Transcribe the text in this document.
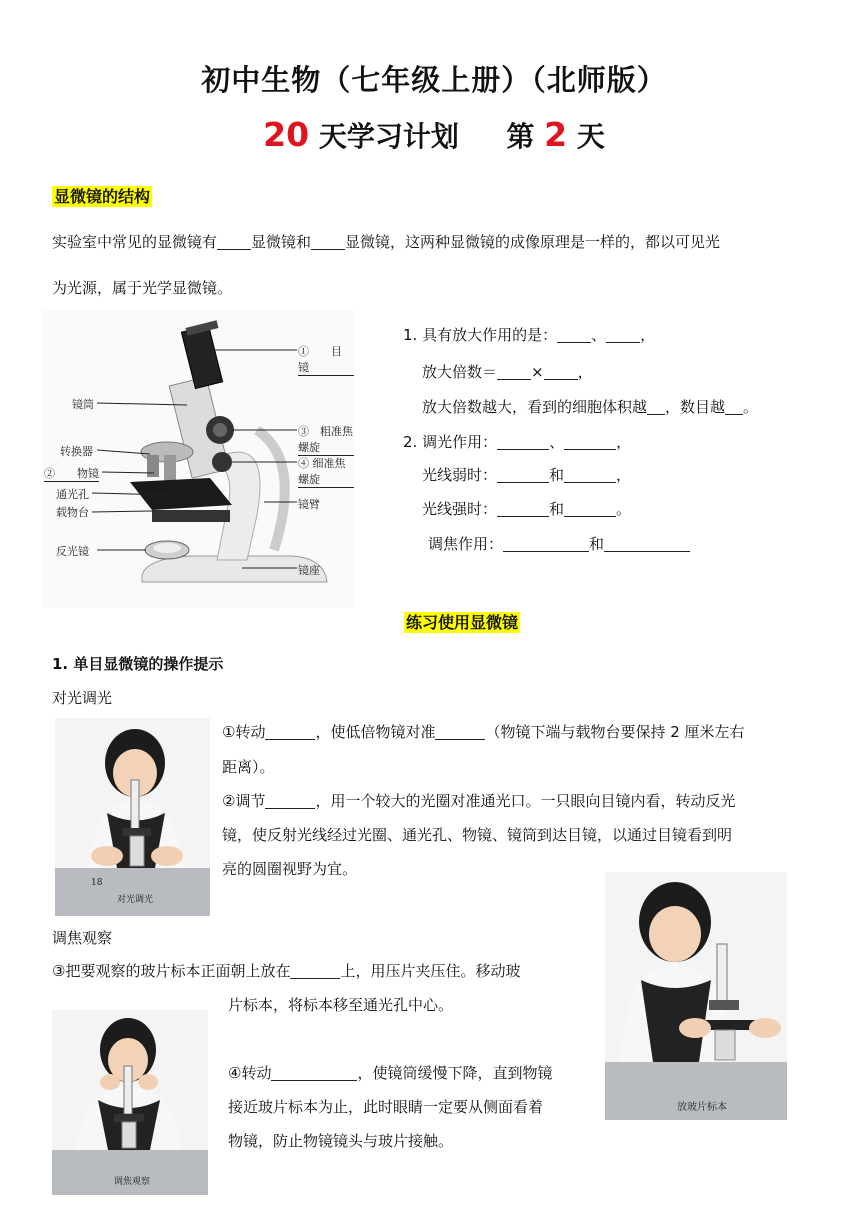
初中生物（七年级上册）（北师版）
20 天学习计划 第 2 天
显微镜的结构
实验室中常见的显微镜有 显微镜和 显微镜，这两种显微镜的成像原理是一样的，都以可见光
为光源，属于光学显微镜。
①　　目镜
镜筒
③　粗准焦螺旋
转换器
④ 细准焦螺旋
②　　物镜
通光孔
载物台
镜臂
反光镜
镜座
1. 具有放大作用的是： 、 ，
放大倍数＝ × ，
放大倍数越大，看到的细胞体积越 ，数目越 。
2. 调光作用：	、	，
光线弱时：	和	，
光线强时：	和	。
调焦作用：	和
练习使用显微镜
1. 单目显微镜的操作提示
对光调光
18
对光调光
①转动	，使低倍物镜对准	（物镜下端与载物台要保持 2 厘米左右
距离）。
②调节	，用一个较大的光圈对准通光口。一只眼向目镜内看，转动反光
镜，使反射光线经过光圈、通光孔、物镜、镜筒到达目镜，以通过目镜看到明
亮的圆圈视野为宜。
放玻片标本
调焦观察
③把要观察的玻片标本正面朝上放在	上，用压片夹压住。移动玻
片标本，将标本移至通光孔中心。
调焦观察
④转动	，使镜筒缓慢下降，直到物镜
接近玻片标本为止，此时眼睛一定要从侧面看着
物镜，防止物镜镜头与玻片接触。
